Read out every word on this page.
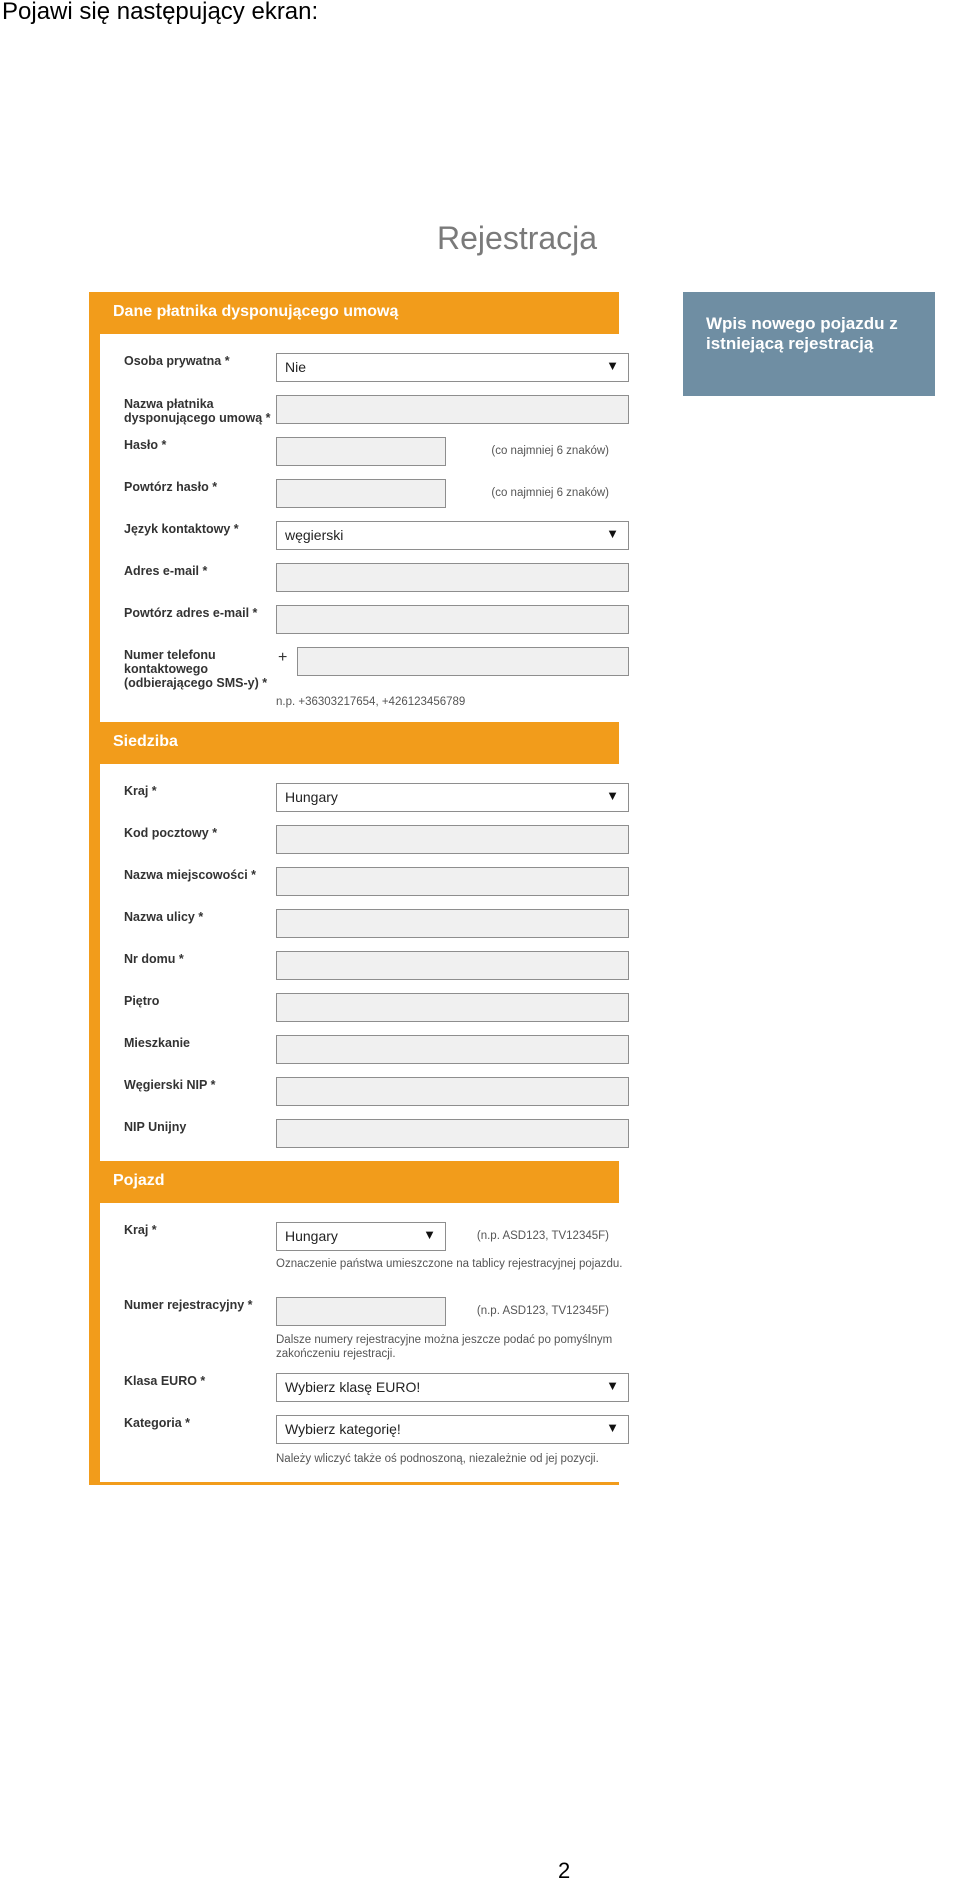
Pojawi się następujący ekran:
Rejestracja
Wpis nowego pojazdu z
istniejącą rejestracją
Dane płatnika dysponującego umową
Osoba prywatna *	Nie	▼
Nazwa płatnika
dysponującego umową *
Hasło *	(co najmniej 6 znaków)
Powtórz hasło *	(co najmniej 6 znaków)
Język kontaktowy *	węgierski	▼
Adres e-mail *
Powtórz adres e-mail *
Numer telefonu
kontaktowego
(odbierającego SMS-y) *
+
n.p. +36303217654, +426123456789
Siedziba
Kraj *	Hungary	▼
Kod pocztowy *
Nazwa miejscowości *
Nazwa ulicy *
Nr domu *
Piętro
Mieszkanie
Węgierski NIP *
NIP Unijny
Pojazd
Kraj *	Hungary	▼	(n.p. ASD123, TV12345F)
Oznaczenie państwa umieszczone na tablicy rejestracyjnej pojazdu.
Numer rejestracyjny *	(n.p. ASD123, TV12345F)
Dalsze numery rejestracyjne można jeszcze podać po pomyślnym zakończeniu rejestracji.
Klasa EURO *	Wybierz klasę EURO!	▼
Kategoria *	Wybierz kategorię!	▼
Należy wliczyć także oś podnoszoną, niezależnie od jej pozycji.
2
